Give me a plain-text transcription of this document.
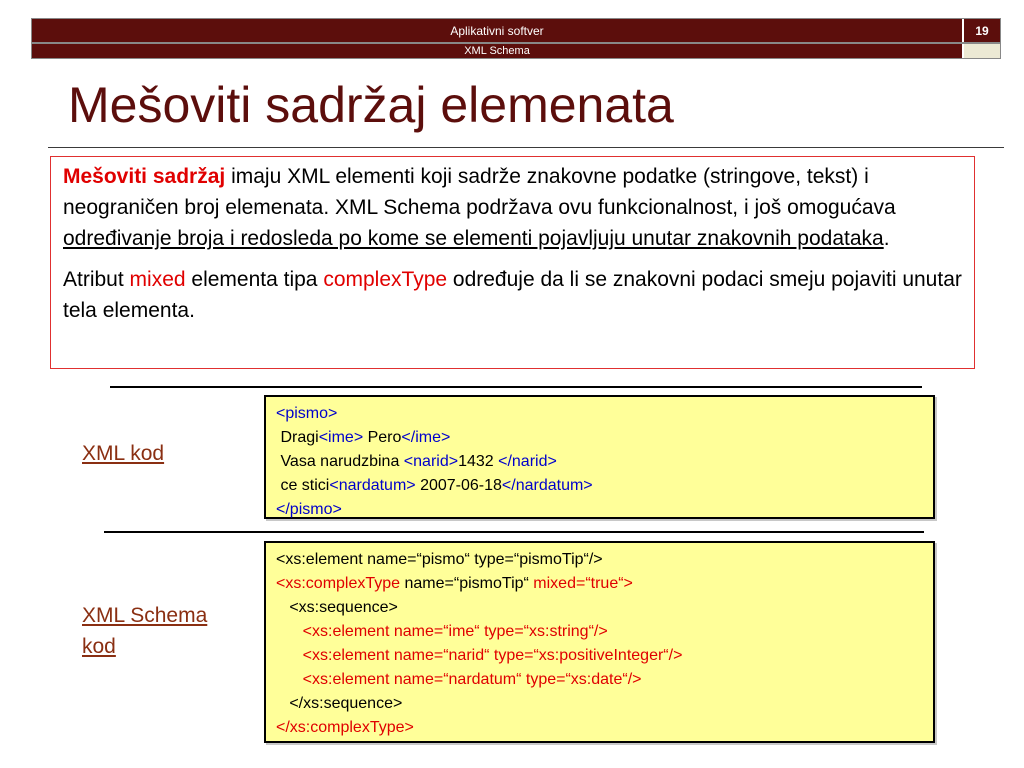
Aplikativni softver	19
XML Schema
Mešoviti sadržaj elemenata

Mešoviti sadržaj imaju XML elementi koji sadrže znakovne podatke (stringove, tekst) i neograničen broj elemenata. XML Schema podržava ovu funkcionalnost, i još omogućava određivanje broja i redosleda po kome se elementi pojavljuju unutar znakovnih podataka.

Atribut mixed elementa tipa complexType određuje da li se znakovni podaci smeju pojaviti unutar tela elementa.

XML kod
XML Schema
kod
<pismo>
Dragi<ime> Pero</ime>
Vasa narudzbina <narid>1432 </narid>
ce stici<nardatum> 2007-06-18</nardatum>
</pismo>
<xs:element name=“pismo“ type=“pismoTip“/>
<xs:complexType name=“pismoTip“ mixed=“true“>
<xs:sequence>
<xs:element name=“ime“ type=“xs:string“/>
<xs:element name=“narid“ type=“xs:positiveInteger“/>
<xs:element name=“nardatum“ type=“xs:date“/>
</xs:sequence>
</xs:complexType>
